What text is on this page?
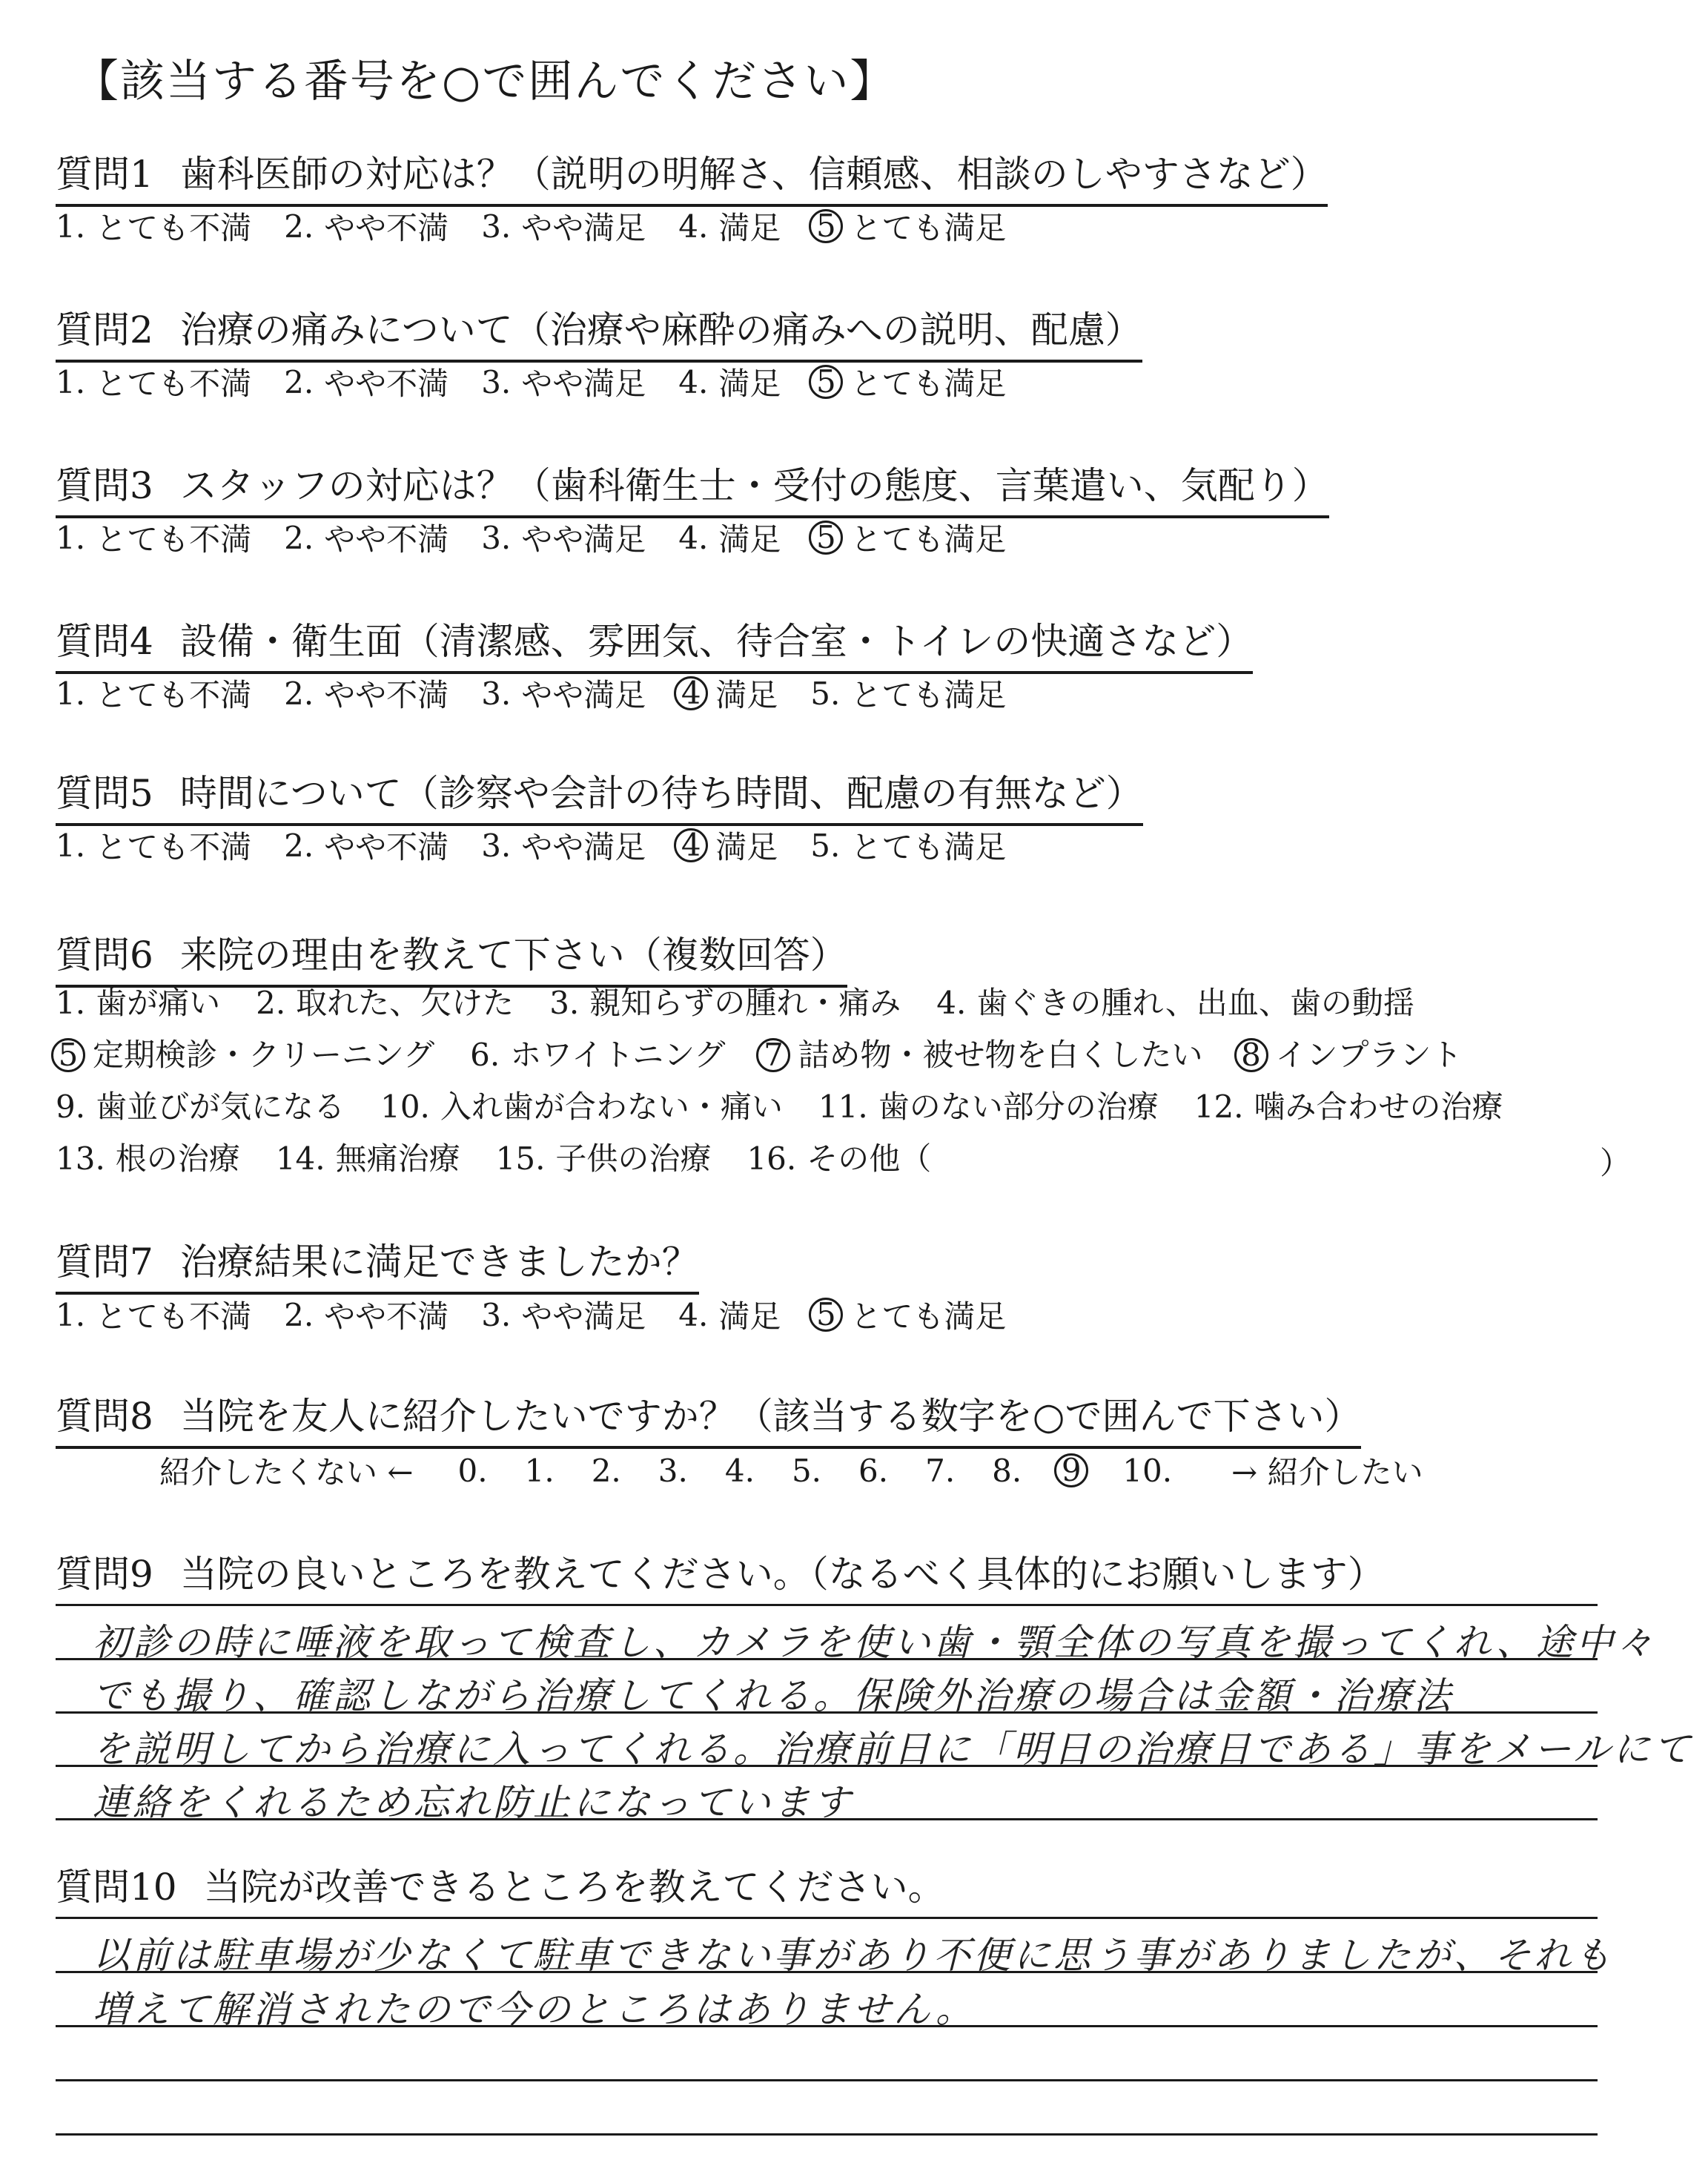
【該当する番号を○で囲んでください】
質問1 歯科医師の対応は？（説明の明解さ、信頼感、相談のしやすさなど）
1. とても不満 2. やや不満 3. やや満足 4. 満足 5 とても満足
質問2 治療の痛みについて（治療や麻酔の痛みへの説明、配慮）
1. とても不満 2. やや不満 3. やや満足 4. 満足 5 とても満足
質問3 スタッフの対応は？（歯科衛生士・受付の態度、言葉遣い、気配り）
1. とても不満 2. やや不満 3. やや満足 4. 満足 5 とても満足
質問4 設備・衛生面（清潔感、雰囲気、待合室・トイレの快適さなど）
1. とても不満 2. やや不満 3. やや満足 4 満足 5. とても満足
質問5 時間について（診察や会計の待ち時間、配慮の有無など）
1. とても不満 2. やや不満 3. やや満足 4 満足 5. とても満足
質問6 来院の理由を教えて下さい（複数回答）
1. 歯が痛い 2. 取れた、欠けた 3. 親知らずの腫れ・痛み 4. 歯ぐきの腫れ、出血、歯の動揺
5 定期検診・クリーニング 6. ホワイトニング 7 詰め物・被せ物を白くしたい 8 インプラント
9. 歯並びが気になる 10. 入れ歯が合わない・痛い 11. 歯のない部分の治療 12. 噛み合わせの治療
13. 根の治療 14. 無痛治療 15. 子供の治療 16. その他（	）
質問7 治療結果に満足できましたか？
1. とても不満 2. やや不満 3. やや満足 4. 満足 5 とても満足
質問8 当院を友人に紹介したいですか？（該当する数字を○で囲んで下さい）
紹介したくない ← 0. 1. 2. 3. 4. 5. 6. 7. 8. 9 10. → 紹介したい
質問9 当院の良いところを教えてください。（なるべく具体的にお願いします）
初診の時に唾液を取って検査し、カメラを使い歯・顎全体の写真を撮ってくれ、途中々
でも撮り、確認しながら治療してくれる。保険外治療の場合は金額・治療法
を説明してから治療に入ってくれる。治療前日に「明日の治療日である」事をメールにて
連絡をくれるため忘れ防止になっています
質問10 当院が改善できるところを教えてください。
以前は駐車場が少なくて駐車できない事があり不便に思う事がありましたが、それも
増えて解消されたので今のところはありません。
